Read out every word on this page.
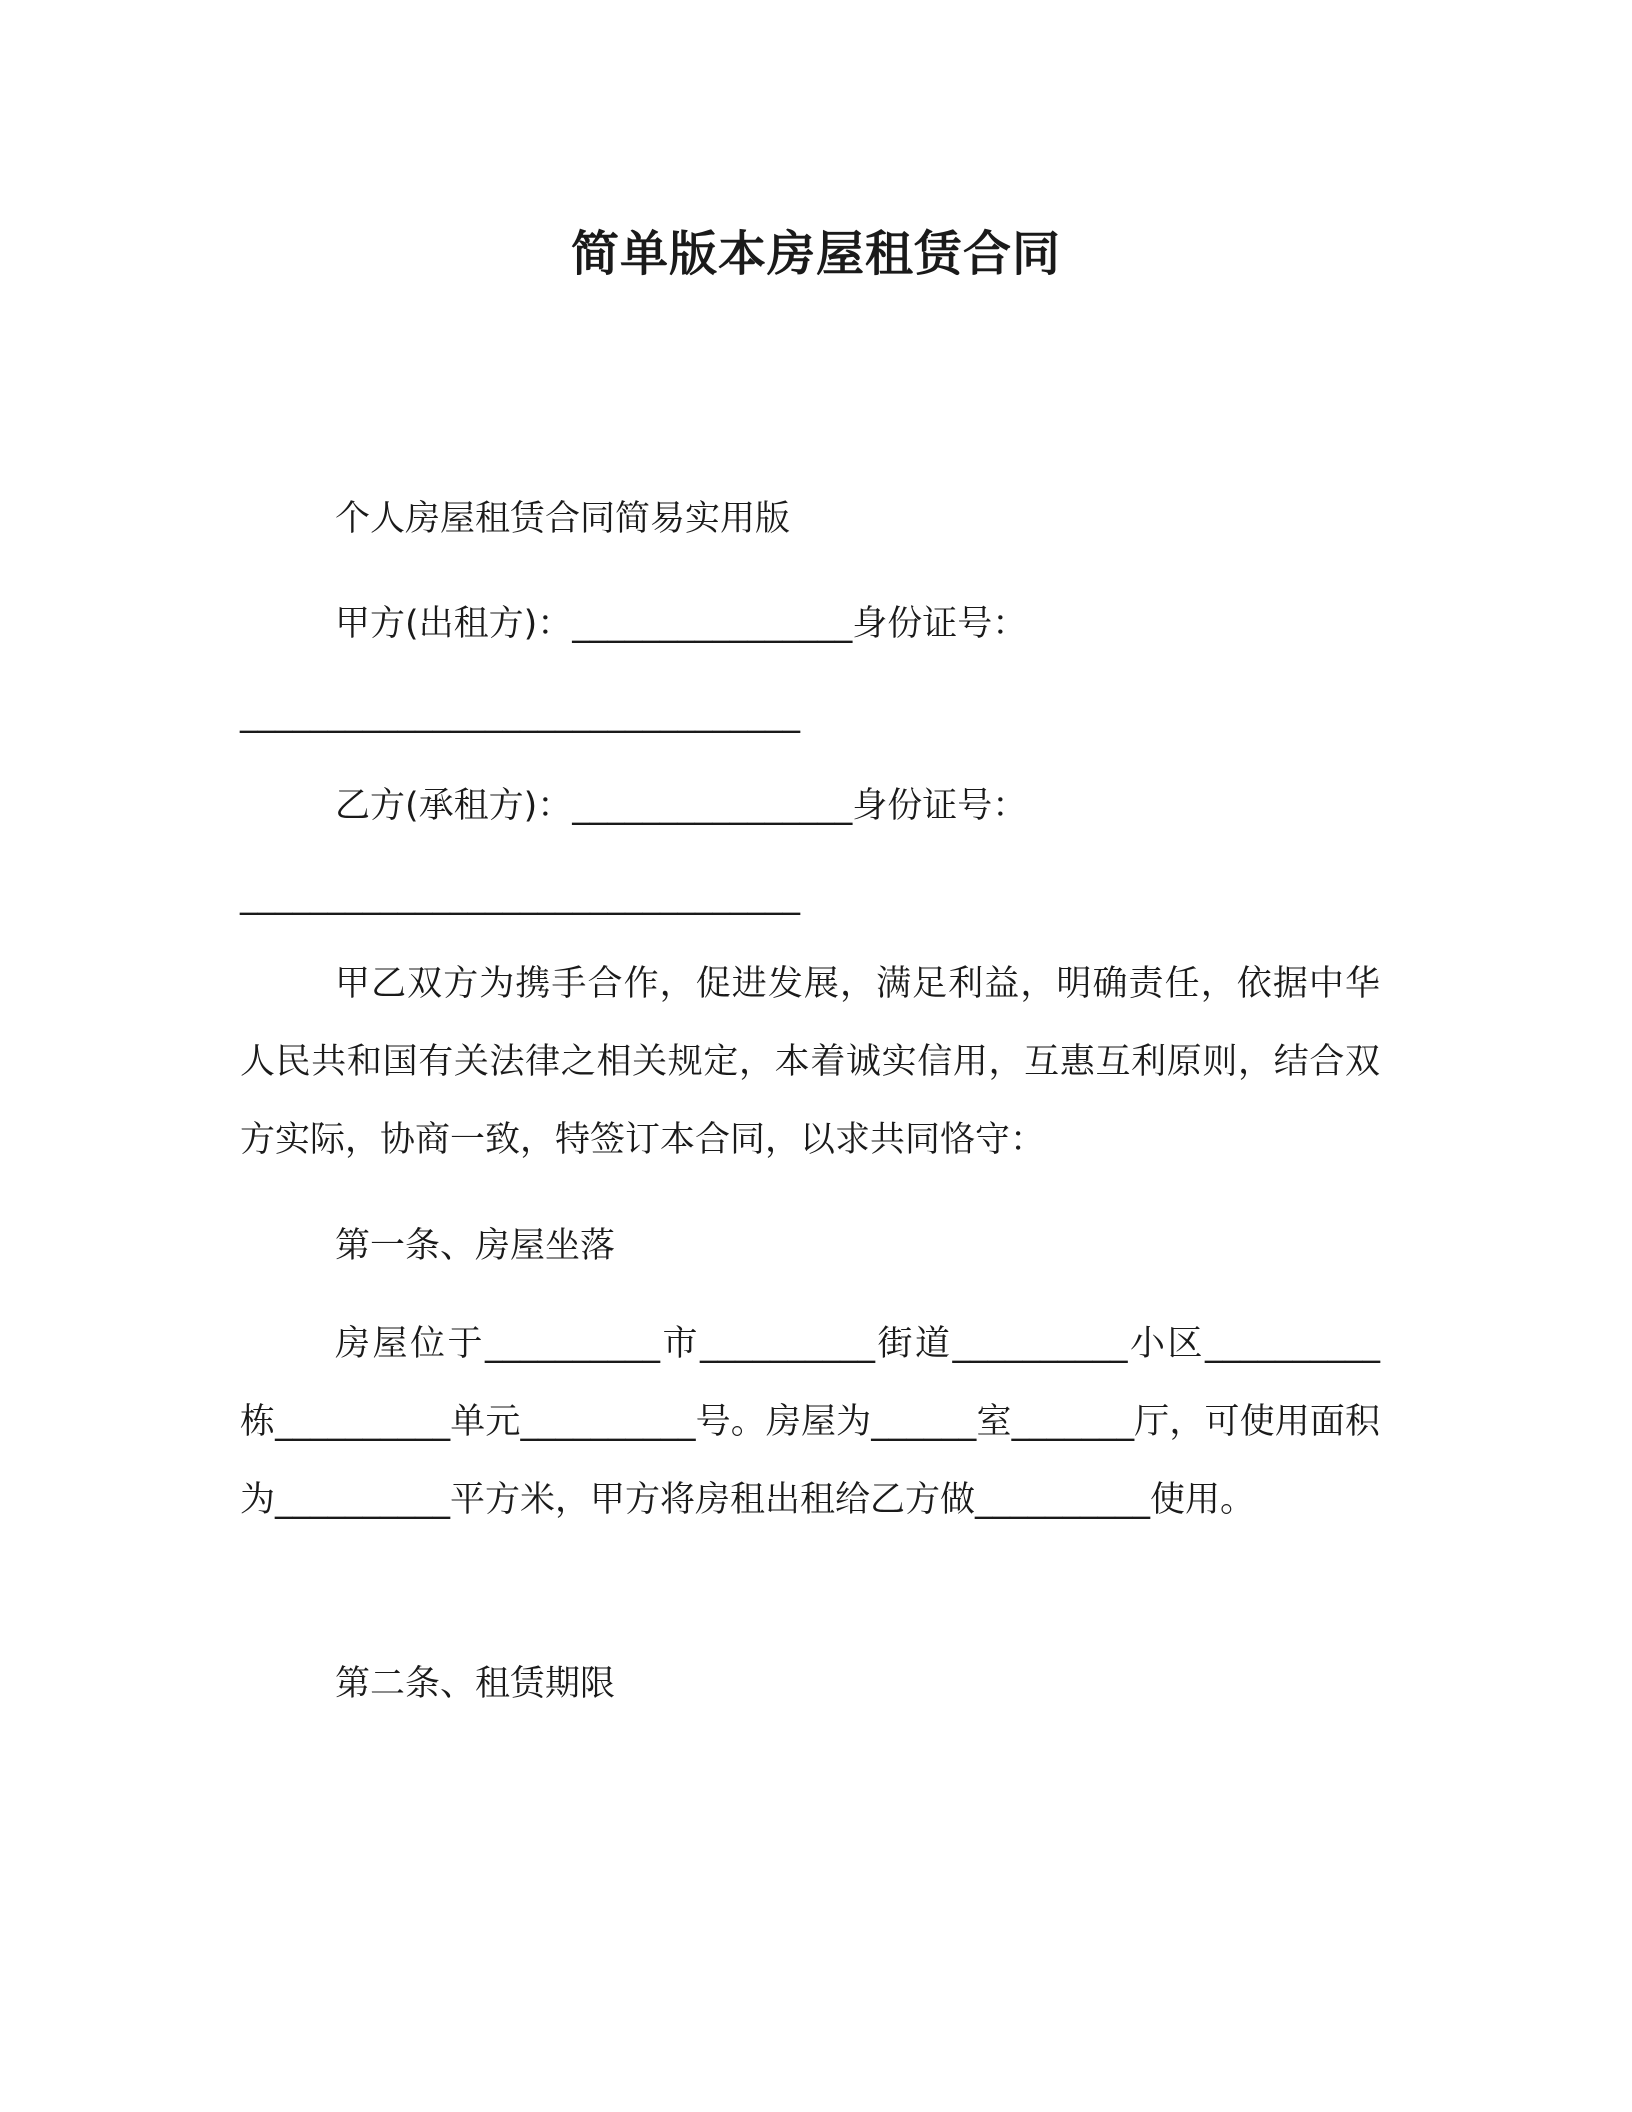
简单版本房屋租赁合同
个人房屋租赁合同简易实用版
甲方(出租方)：________________身份证号：
________________________________
乙方(承租方)：________________身份证号：
________________________________
甲乙双方为携手合作，促进发展，满足利益，明确责任，依据中华人民共和国有关法律之相关规定，本着诚实信用，互惠互利原则，结合双方实际，协商一致，特签订本合同，以求共同恪守：
第一条、房屋坐落
房屋位于__________市__________街道__________小区__________栋__________单元__________号。房屋为______室_______厅，可使用面积为__________平方米，甲方将房租出租给乙方做__________使用。
第二条、租赁期限
